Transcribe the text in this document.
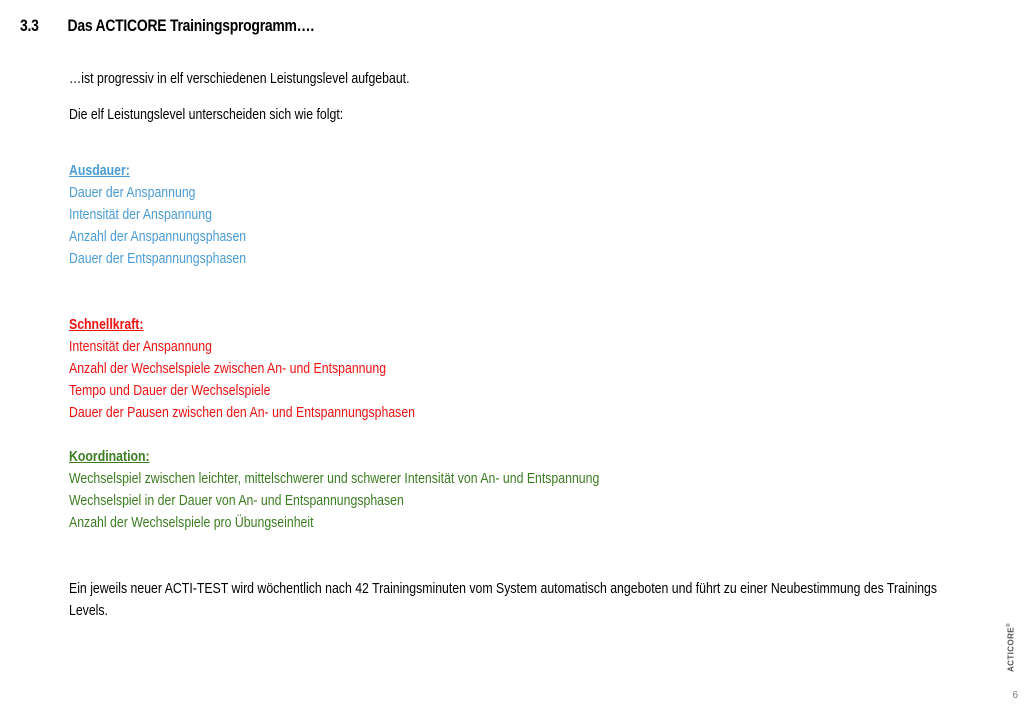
3.3 Das ACTICORE Trainingsprogramm….

…ist progressiv in elf verschiedenen Leistungslevel aufgebaut.

Die elf Leistungslevel unterscheiden sich wie folgt:

Ausdauer:

Dauer der Anspannung

Intensität der Anspannung

Anzahl der Anspannungsphasen

Dauer der Entspannungsphasen

Schnellkraft:

Intensität der Anspannung

Anzahl der Wechselspiele zwischen An- und Entspannung

Tempo und Dauer der Wechselspiele

Dauer der Pausen zwischen den An- und Entspannungsphasen

Koordination:

Wechselspiel zwischen leichter, mittelschwerer und schwerer Intensität von An- und Entspannung

Wechselspiel in der Dauer von An- und Entspannungsphasen

Anzahl der Wechselspiele pro Übungseinheit

Ein jeweils neuer ACTI-TEST wird wöchentlich nach 42 Trainingsminuten vom System automatisch angeboten und führt zu einer Neubestimmung des Trainings

Levels.

ACTICORE®
6
